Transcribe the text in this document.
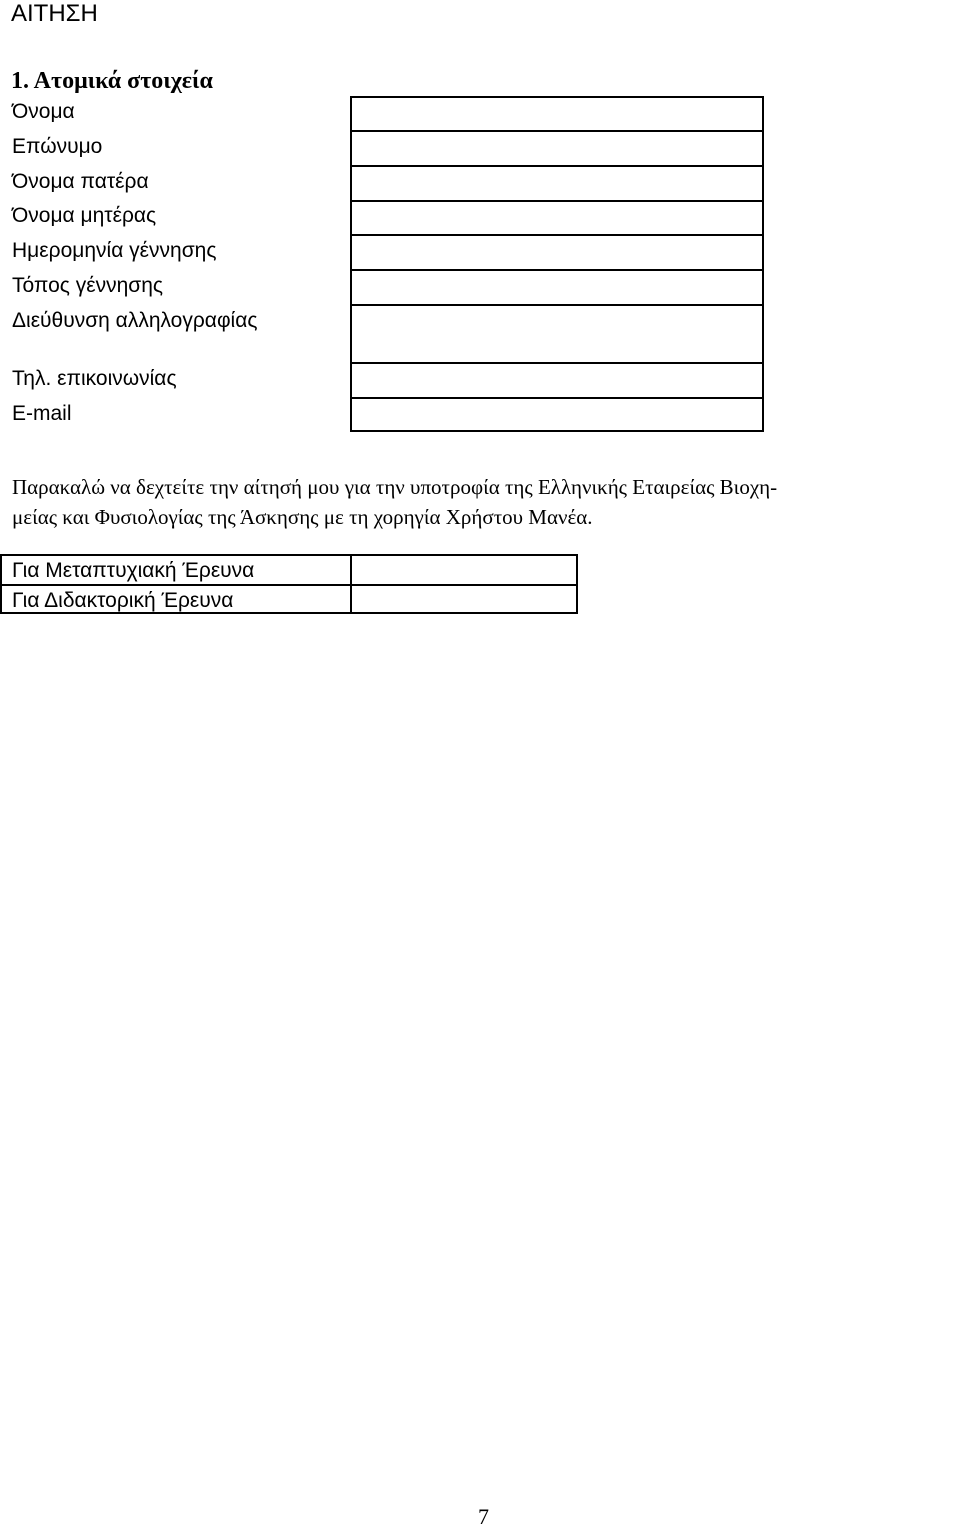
ΑΙΤΗΣΗ
1. Ατομικά στοιχεία
Όνομα
Επώνυμο
Όνομα πατέρα
Όνομα μητέρας
Ημερομηνία γέννησης
Τόπος γέννησης
Διεύθυνση αλληλογραφίας
Τηλ. επικοινωνίας
E-mail
Παρακαλώ να δεχτείτε την αίτησή μου για την υποτροφία της Ελληνικής Εταιρείας Βιοχη-
μείας και Φυσιολογίας της Άσκησης με τη χορηγία Χρήστου Μανέα.
Για Μεταπτυχιακή Έρευνα
Για Διδακτορική Έρευνα
7
